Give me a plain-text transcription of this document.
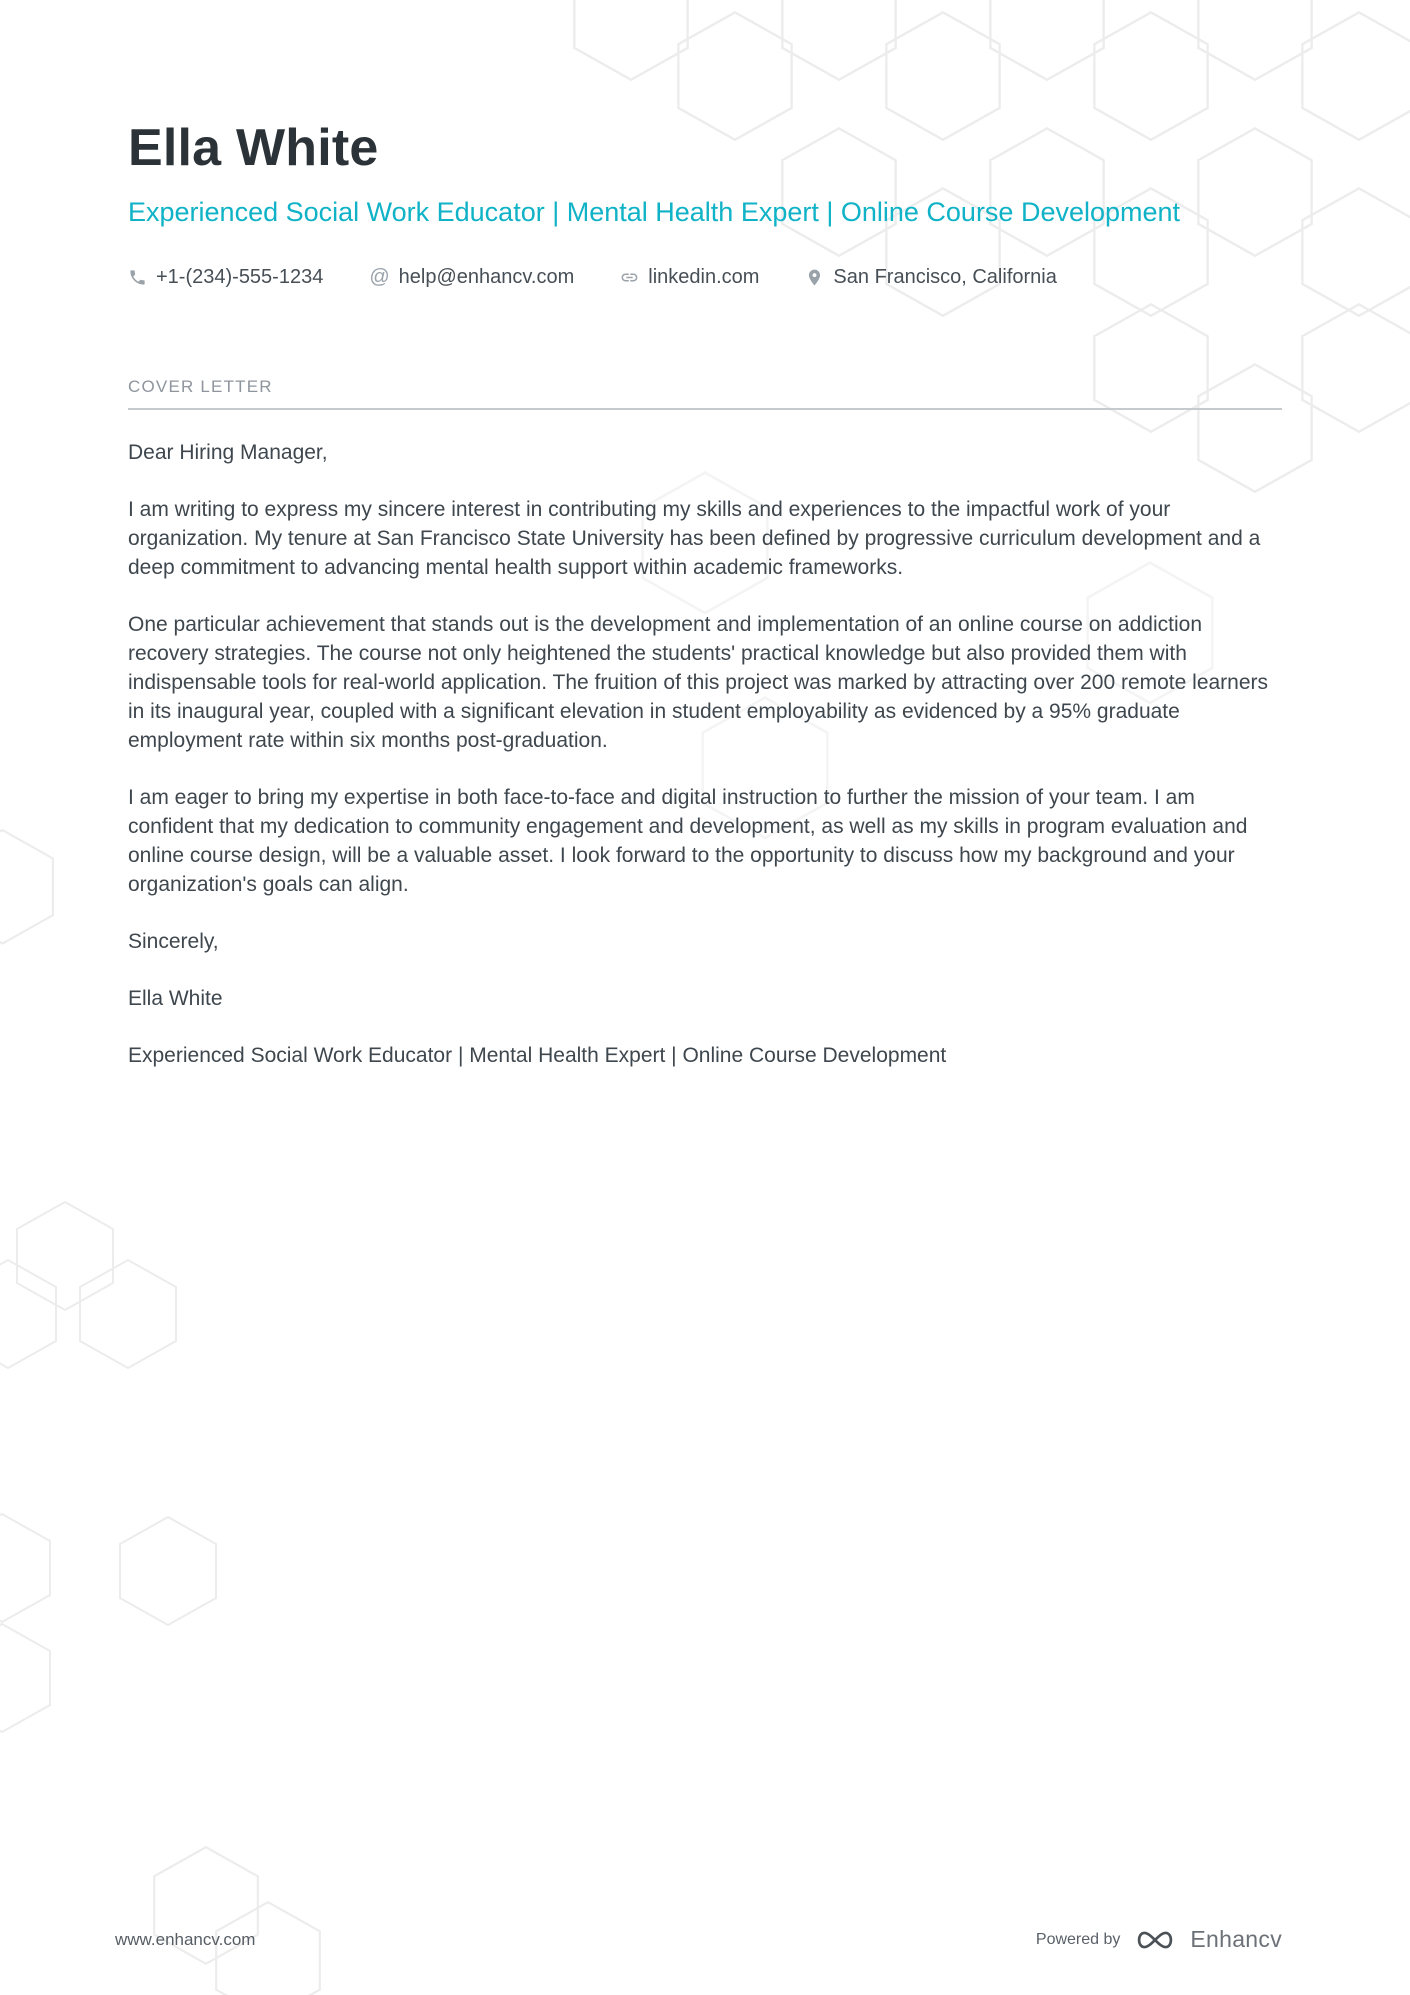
Ella White
Experienced Social Work Educator | Mental Health Expert | Online Course Development
+1-(234)-555-1234 @ help@enhancv.com	linkedin.com	San Francisco, California
COVER LETTER

Dear Hiring Manager,

I am writing to express my sincere interest in contributing my skills and experiences to the impactful work of your organization. My tenure at San Francisco State University has been defined by progressive curriculum development and a deep commitment to advancing mental health support within academic frameworks.

One particular achievement that stands out is the development and implementation of an online course on addiction recovery strategies. The course not only heightened the students' practical knowledge but also provided them with indispensable tools for real-world application. The fruition of this project was marked by attracting over 200 remote learners in its inaugural year, coupled with a significant elevation in student employability as evidenced by a 95% graduate employment rate within six months post-graduation.

I am eager to bring my expertise in both face-to-face and digital instruction to further the mission of your team. I am confident that my dedication to community engagement and development, as well as my skills in program evaluation and online course design, will be a valuable asset. I look forward to the opportunity to discuss how my background and your organization's goals can align.

Sincerely,

Ella White

Experienced Social Work Educator | Mental Health Expert | Online Course Development

www.enhancv.com	Powered by	Enhancv
